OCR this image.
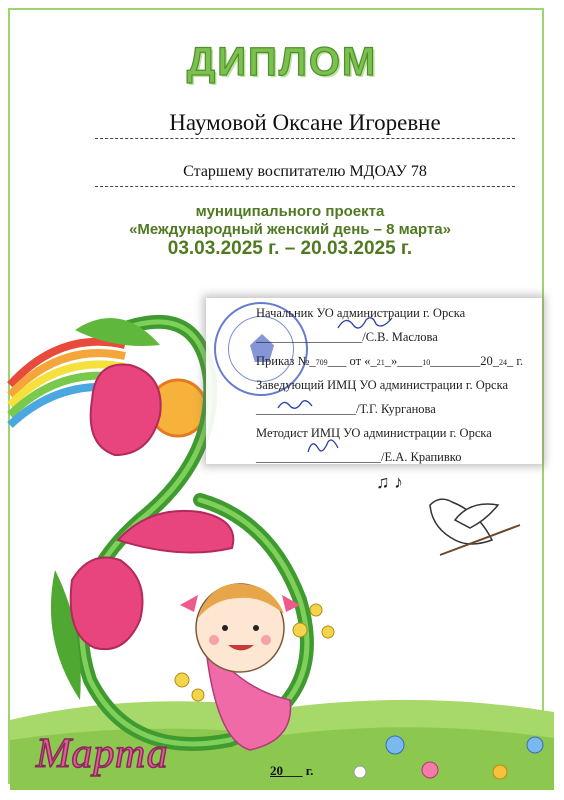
ДИПЛОМ
Наумовой Оксане Игоревне
Старшему воспитателю МДОАУ 78
муниципального проекта
«Международный женский день – 8 марта»
03.03.2025 г. – 20.03.2025 г.
♫ ♪
Марта	20___ г.
Начальник УО администрации г. Орска
_________________/С.В. Маслова
Приказ №_709___ от «_21_»____10________20_24_ г.
Заведующий ИМЦ УО администрации г. Орска
________________/Т.Г. Курганова
Методист ИМЦ УО администрации г. Орска
____________________/Е.А. Крапивко
